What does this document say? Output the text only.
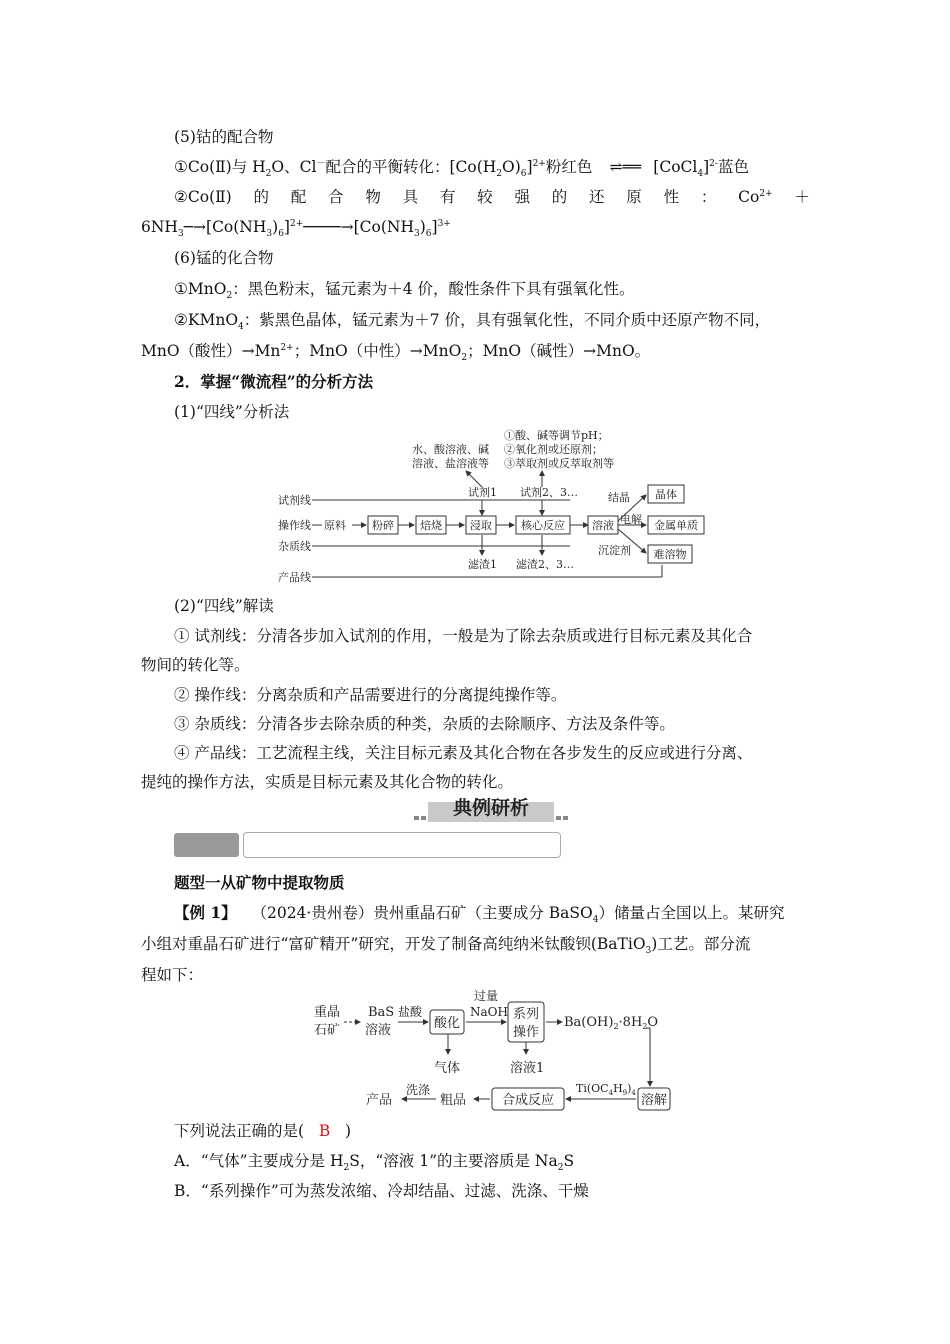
(5)钴的配合物
①Co(Ⅱ)与 $H_2O$、Cl－配合的平衡转化：$[Co(H_2O)_6]^{2+}$粉红色 ⇌══ [CoCl$_4$]$^{2-}$蓝色
②Co(Ⅱ) 的 配 合 物 具 有 较 强 的 还 原 性 ： $Co^{2+}$ ＋
$6NH_3─\to[Co(NH_3)_6]^{2+}────\to[Co(NH_3)_6]^{3+}$
(6)锰的化合物
①MnO$_2$：黑色粉末，锰元素为＋4 价，酸性条件下具有强氧化性。
②KMnO$_4$：紫黑色晶体，锰元素为＋7 价，具有强氧化性，不同介质中还原产物不同，
MnO（酸性）$\to Mn^{2+}$；MnO（中性）→MnO$_2$；MnO（碱性）→MnO。
2．掌握“微流程”的分析方法
(1)“四线”分析法
试剂线
操作线
杂质线
产品线
原料
水、酸溶液、碱
溶液、盐溶液等
①酸、碱等调节pH；
②氧化剂或还原剂；
③萃取剂或反萃取剂等
试剂1 试剂2、3…
滤渣1 滤渣2、3…
结晶
电解
沉淀剂
粉碎 焙烧	浸取	核心反应 溶液
晶体
金属单质
难溶物
(2)“四线”解读
① 试剂线：分清各步加入试剂的作用，一般是为了除去杂质或进行目标元素及其化合
物间的转化等。
② 操作线：分离杂质和产品需要进行的分离提纯操作等。
③ 杂质线：分清各步去除杂质的种类，杂质的去除顺序、方法及条件等。
④ 产品线：工艺流程主线，关注目标元素及其化合物在各步发生的反应或进行分离、
提纯的操作方法，实质是目标元素及其化合物的转化。
典例研析
题型一从矿物中提取物质
【例 1】 （2024·贵州卷）贵州重晶石矿（主要成分 BaSO$_4$）储量占全国以上。某研究
小组对重晶石矿进行“富矿精开”研究，开发了制备高纯纳米钛酸钡(BaTiO$_3$)工艺。部分流
程如下：
重晶
石矿
BaS
溶液
盐酸
过量
NaOH
气体	溶液1
$Ti(OC_4H_9)_4$
粗品
洗涤
产品
$Ba(OH)_2\cdot 8H_2O$
酸化
系列
操作
溶解
合成反应
下列说法正确的是( B )
A．“气体”主要成分是 $H_2S$，“溶液 1”的主要溶质是 $Na_2S$
B．“系列操作”可为蒸发浓缩、冷却结晶、过滤、洗涤、干燥
